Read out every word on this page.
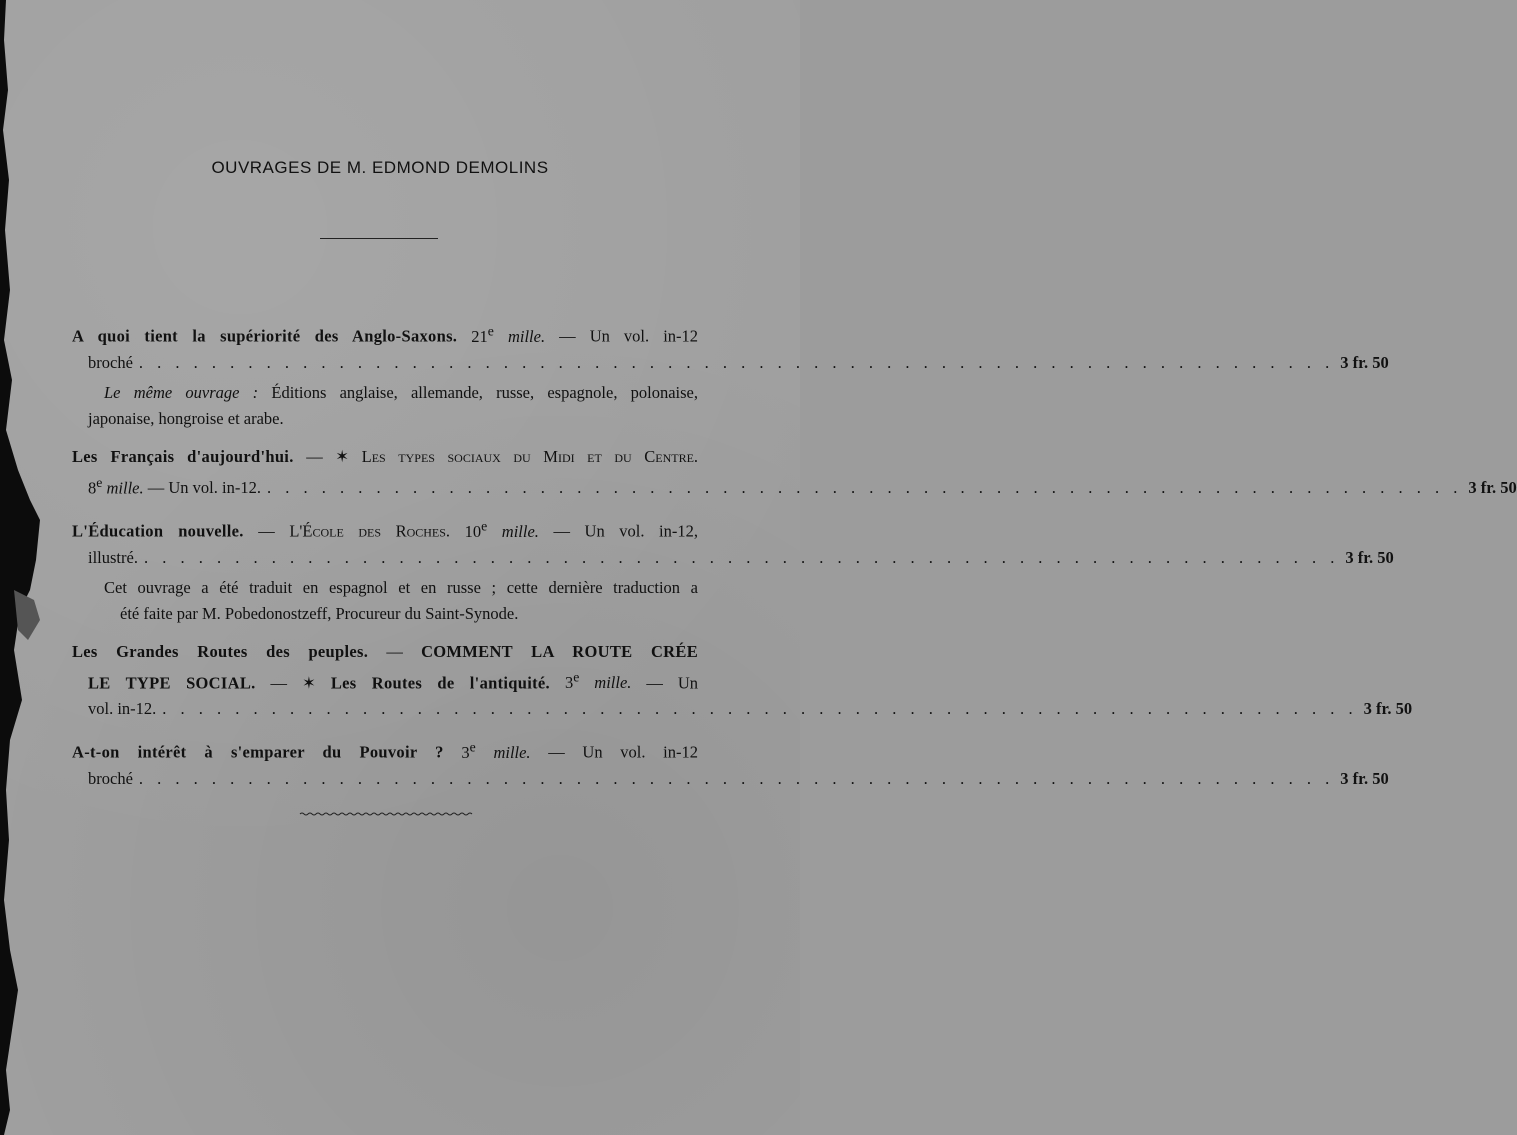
OUVRAGES DE M. EDMOND DEMOLINS

A quoi tient la supériorité des Anglo-Saxons. 21e mille. — Un vol. in-12

broché . . . . . . . . . . . . . . . . . . . . . . . . . . . . . . . . . . . . . . . . . . . . . . . . . . . . . . . . . . . . . . . . . . 3 fr. 50

Le même ouvrage : Éditions anglaise, allemande, russe, espagnole, polonaise,

japonaise, hongroise et arabe.

Les Français d'aujourd'hui. — ✶ Les types sociaux du Midi et du Centre.

8e mille.
— Un vol. in-12. . . . . . . . . . . . . . . . . . . . . . . . . . . . . . . . . . . . . . . . . . . . . . . . . . . . . . . . . . . . . . . . . . . 3 fr. 50

L'Éducation nouvelle. — L'École des Roches. 10e mille. — Un vol. in-12,

illustré. . . . . . . . . . . . . . . . . . . . . . . . . . . . . . . . . . . . . . . . . . . . . . . . . . . . . . . . . . . . . . . . . . . 3 fr. 50

Cet ouvrage a été traduit en espagnol et en russe ; cette dernière traduction a

été faite par M. Pobedonostzeff, Procureur du Saint-Synode.

Les Grandes Routes des peuples. — COMMENT LA ROUTE CRÉE

LE TYPE SOCIAL. — ✶ Les Routes de l'antiquité. 3e mille. — Un

vol. in-12. . . . . . . . . . . . . . . . . . . . . . . . . . . . . . . . . . . . . . . . . . . . . . . . . . . . . . . . . . . . . . . . . . . 3 fr. 50

A-t-on intérêt à s'emparer du Pouvoir ? 3e mille. — Un vol. in-12

broché . . . . . . . . . . . . . . . . . . . . . . . . . . . . . . . . . . . . . . . . . . . . . . . . . . . . . . . . . . . . . . . . . . 3 fr. 50
